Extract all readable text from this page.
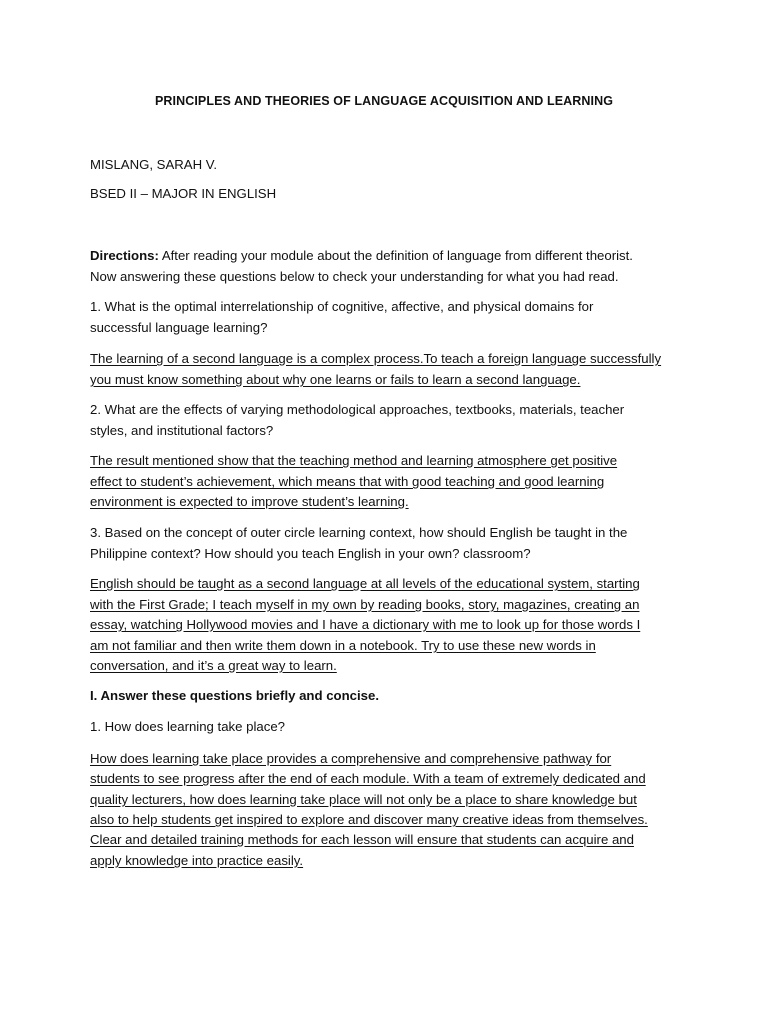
PRINCIPLES AND THEORIES OF LANGUAGE ACQUISITION AND LEARNING
MISLANG, SARAH V.
BSED II – MAJOR IN ENGLISH
Directions: After reading your module about the definition of language from different theorist.
Now answering these questions below to check your understanding for what you had read.
1. What is the optimal interrelationship of cognitive, affective, and physical domains for
successful language learning?
The learning of a second language is a complex process.To teach a foreign language successfully
you must know something about why one learns or fails to learn a second language.
2. What are the effects of varying methodological approaches, textbooks, materials, teacher
styles, and institutional factors?
The result mentioned show that the teaching method and learning atmosphere get positive
effect to student’s achievement, which means that with good teaching and good learning
environment is expected to improve student’s learning.
3. Based on the concept of outer circle learning context, how should English be taught in the
Philippine context? How should you teach English in your own? classroom?
English should be taught as a second language at all levels of the educational system, starting
with the First Grade; I teach myself in my own by reading books, story, magazines, creating an
essay, watching Hollywood movies and I have a dictionary with me to look up for those words I
am not familiar and then write them down in a notebook. Try to use these new words in
conversation, and it’s a great way to learn.
I. Answer these questions briefly and concise.
1. How does learning take place?
How does learning take place provides a comprehensive and comprehensive pathway for
students to see progress after the end of each module. With a team of extremely dedicated and
quality lecturers, how does learning take place will not only be a place to share knowledge but
also to help students get inspired to explore and discover many creative ideas from themselves.
Clear and detailed training methods for each lesson will ensure that students can acquire and
apply knowledge into practice easily.
